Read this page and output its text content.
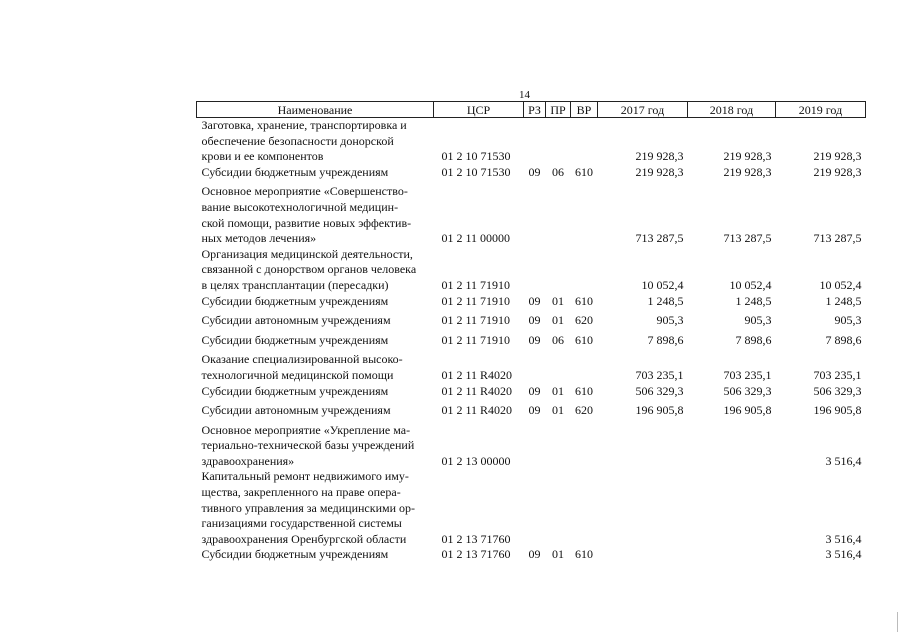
14
Наименование	ЦСР	РЗ	ПР	ВР	2017 год	2018 год	2019 год

Заготовка, хранение, транспортировка и
обеспечение безопасности донорской
крови и ее компонентов	01 2 10 71530				219 928,3	219 928,3	219 928,3

Субсидии бюджетным учреждениям	01 2 10 71530	09	06	610	219 928,3	219 928,3	219 928,3

Основное мероприятие «Совершенство-
вание высокотехнологичной медицин-
ской помощи, развитие новых эффектив-
ных методов лечения»	01 2 11 00000				713 287,5	713 287,5	713 287,5

Организация медицинской деятельности,
связанной с донорством органов человека
в целях трансплантации (пересадки)	01 2 11 71910				10 052,4	10 052,4	10 052,4

Субсидии бюджетным учреждениям	01 2 11 71910	09	01	610	1 248,5	1 248,5	1 248,5

Субсидии автономным учреждениям	01 2 11 71910	09	01	620	905,3	905,3	905,3

Субсидии бюджетным учреждениям	01 2 11 71910	09	06	610	7 898,6	7 898,6	7 898,6

Оказание специализированной высоко-
технологичной медицинской помощи	01 2 11 R4020				703 235,1	703 235,1	703 235,1

Субсидии бюджетным учреждениям	01 2 11 R4020	09	01	610	506 329,3	506 329,3	506 329,3

Субсидии автономным учреждениям	01 2 11 R4020	09	01	620	196 905,8	196 905,8	196 905,8

Основное мероприятие «Укрепление ма-
териально-технической базы учреждений
здравоохранения»	01 2 13 00000						3 516,4

Капитальный ремонт недвижимого иму-
щества, закрепленного на праве опера-
тивного управления за медицинскими ор-
ганизациями государственной системы
здравоохранения Оренбургской области	01 2 13 71760						3 516,4

Субсидии бюджетным учреждениям	01 2 13 71760	09	01	610			3 516,4
